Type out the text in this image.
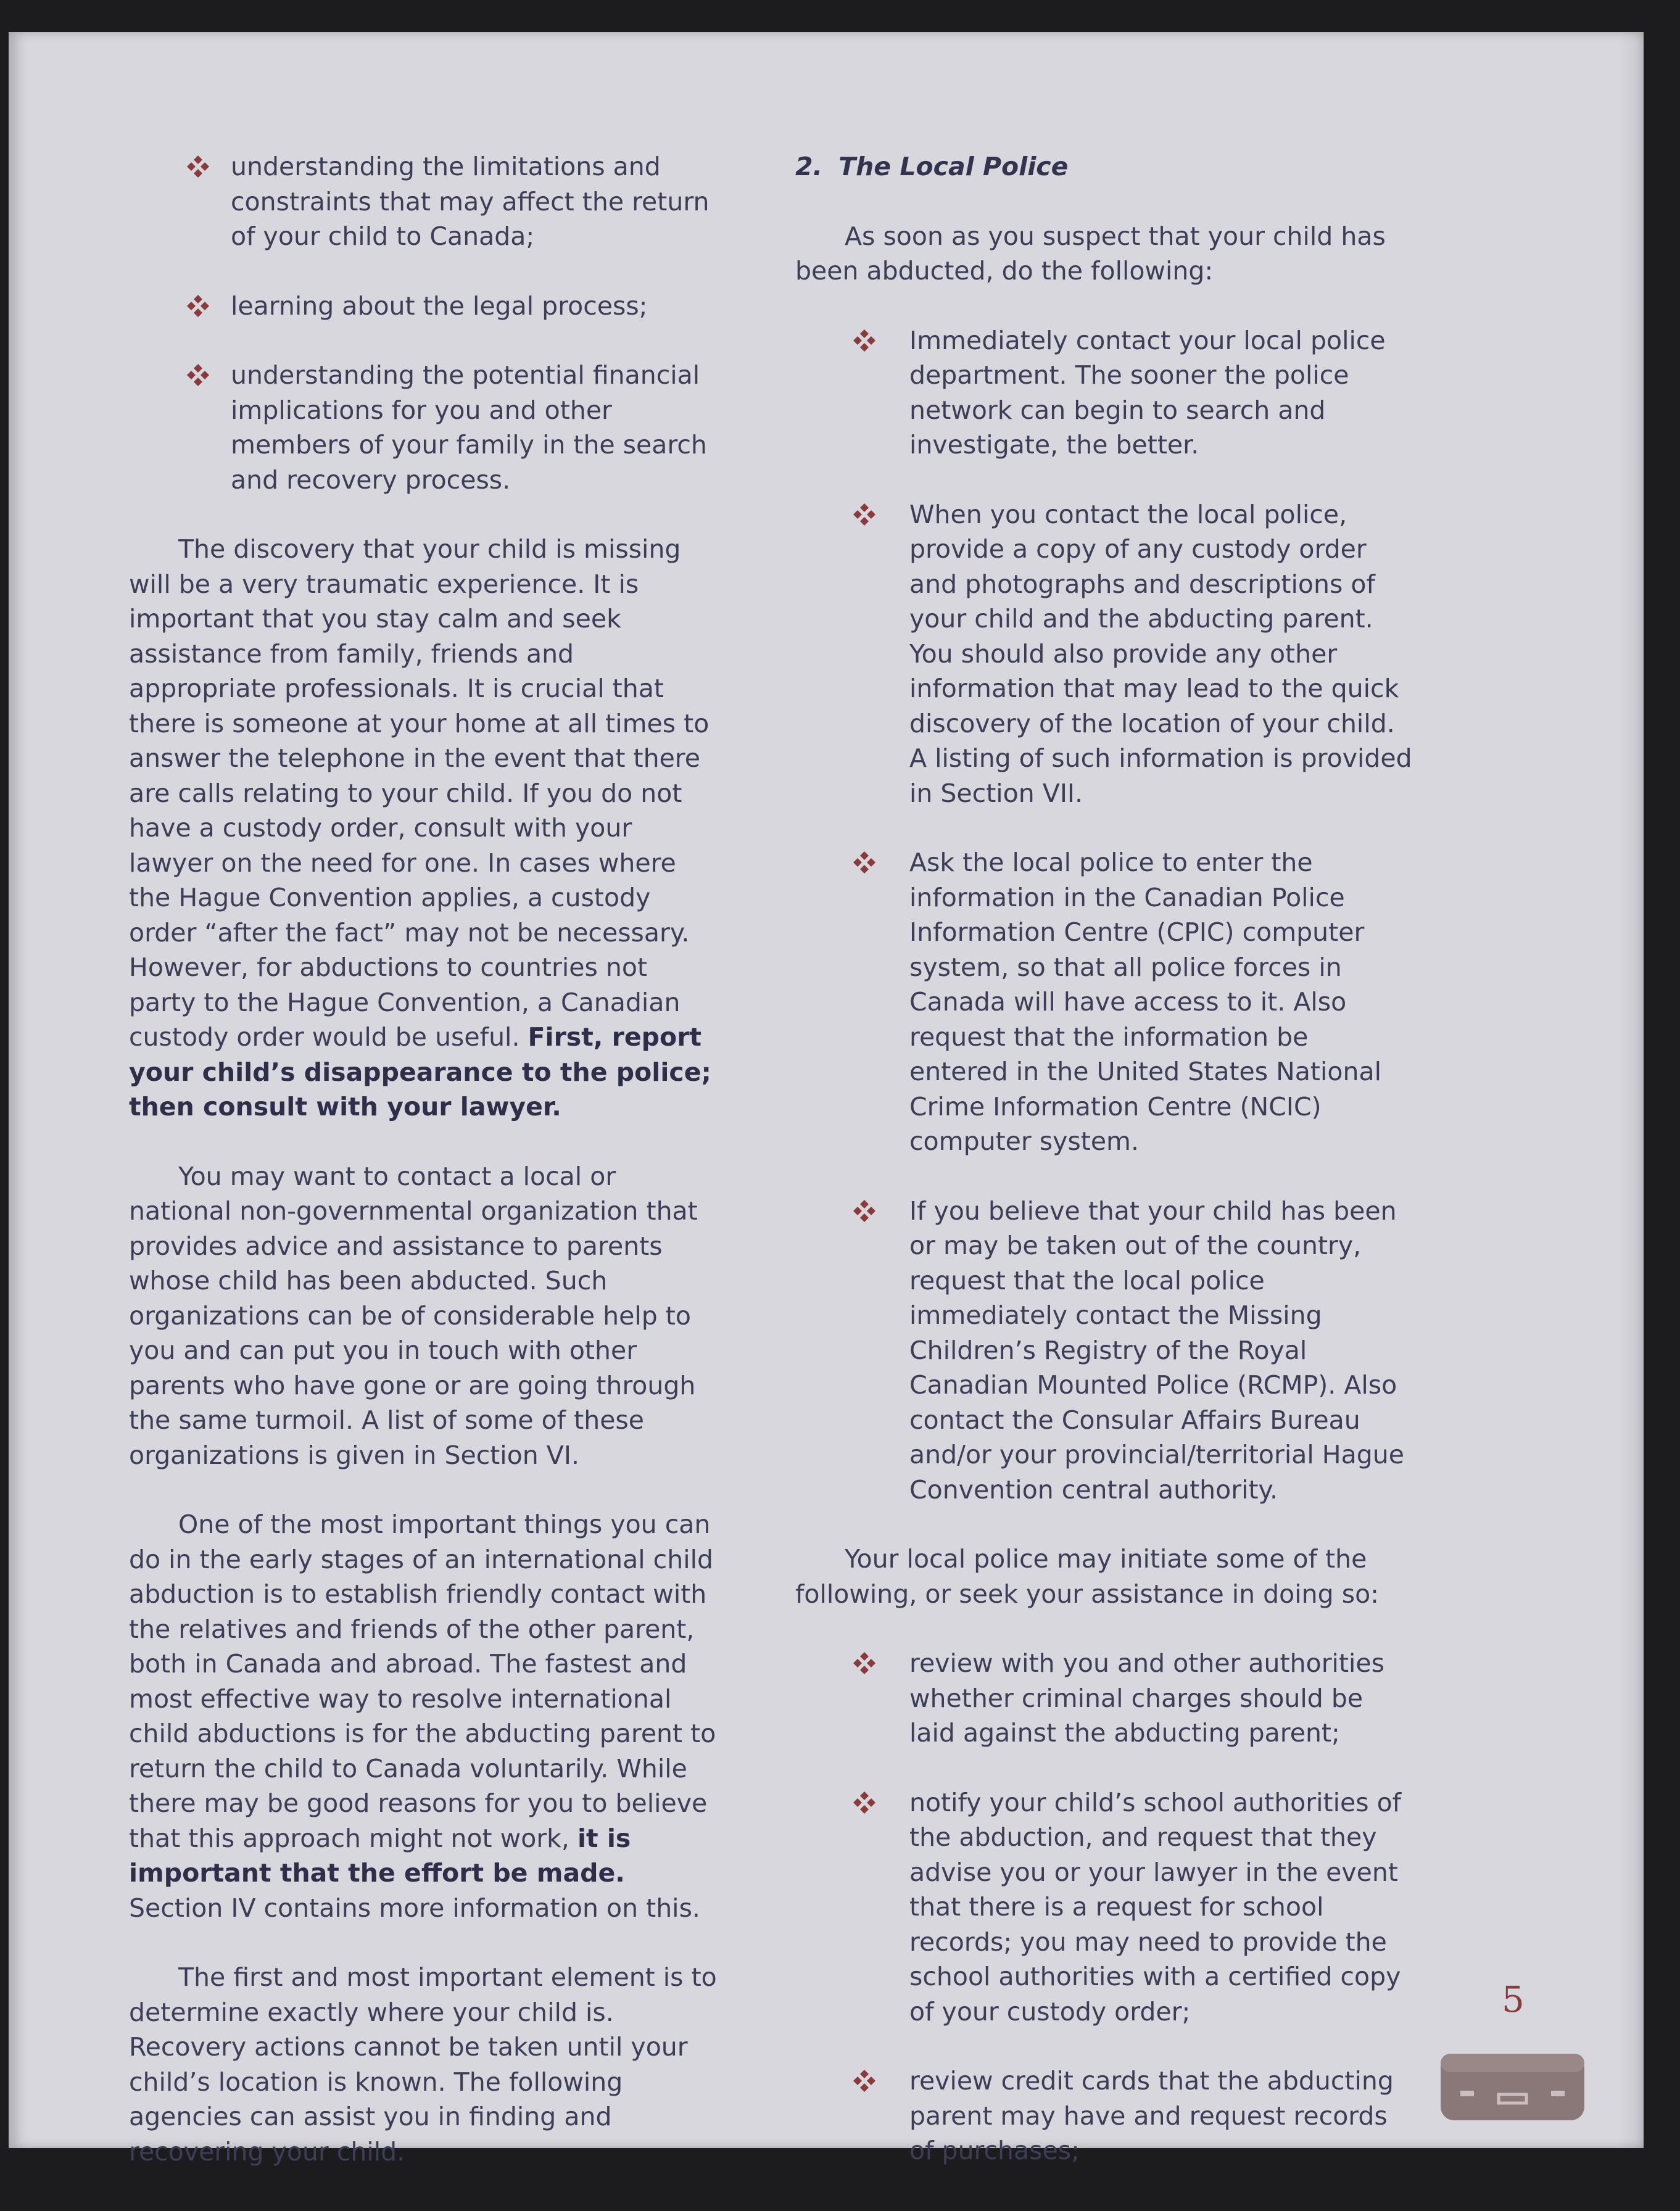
understanding the limitations and constraints that may affect the return of your child to Canada;
learning about the legal process;
understanding the potential financial implications for you and other members of your family in the search and recovery process.

The discovery that your child is missing will be a very traumatic experience. It is important that you stay calm and seek assistance from family, friends and appropriate professionals. It is crucial that there is someone at your home at all times to answer the telephone in the event that there are calls relating to your child. If you do not have a custody order, consult with your lawyer on the need for one. In cases where the Hague Convention applies, a custody order “after the fact” may not be necessary. However, for abductions to countries not party to the Hague Convention, a Canadian custody order would be useful. First, report your child’s disappearance to the police; then consult with your lawyer.

You may want to contact a local or national non-governmental organization that provides advice and assistance to parents whose child has been abducted. Such organizations can be of considerable help to you and can put you in touch with other parents who have gone or are going through the same turmoil. A list of some of these organizations is given in Section VI.

One of the most important things you can do in the early stages of an international child abduction is to establish friendly contact with the relatives and friends of the other parent, both in Canada and abroad. The fastest and most effective way to resolve international child abductions is for the abducting parent to return the child to Canada voluntarily. While there may be good reasons for you to believe that this approach might not work, it is important that the effort be made. Section IV contains more information on this.

The first and most important element is to determine exactly where your child is. Recovery actions cannot be taken until your child’s location is known. The following agencies can assist you in finding and recovering your child.

2. The Local Police

As soon as you suspect that your child has been abducted, do the following:

Immediately contact your local police department. The sooner the police network can begin to search and investigate, the better.
When you contact the local police, provide a copy of any custody order and photographs and descriptions of your child and the abducting parent. You should also provide any other information that may lead to the quick discovery of the location of your child. A listing of such information is provided in Section VII.
Ask the local police to enter the information in the Canadian Police Information Centre (CPIC) computer system, so that all police forces in Canada will have access to it. Also request that the information be entered in the United States National Crime Information Centre (NCIC) computer system.
If you believe that your child has been or may be taken out of the country, request that the local police immediately contact the Missing Children’s Registry of the Royal Canadian Mounted Police (RCMP). Also contact the Consular Affairs Bureau and/or your provincial/territorial Hague Convention central authority.

Your local police may initiate some of the following, or seek your assistance in doing so:

review with you and other authorities whether criminal charges should be laid against the abducting parent;
notify your child’s school authorities of the abduction, and request that they advise you or your lawyer in the event that there is a request for school records; you may need to provide the school authorities with a certified copy of your custody order;
review credit cards that the abducting parent may have and request records of purchases;
5
